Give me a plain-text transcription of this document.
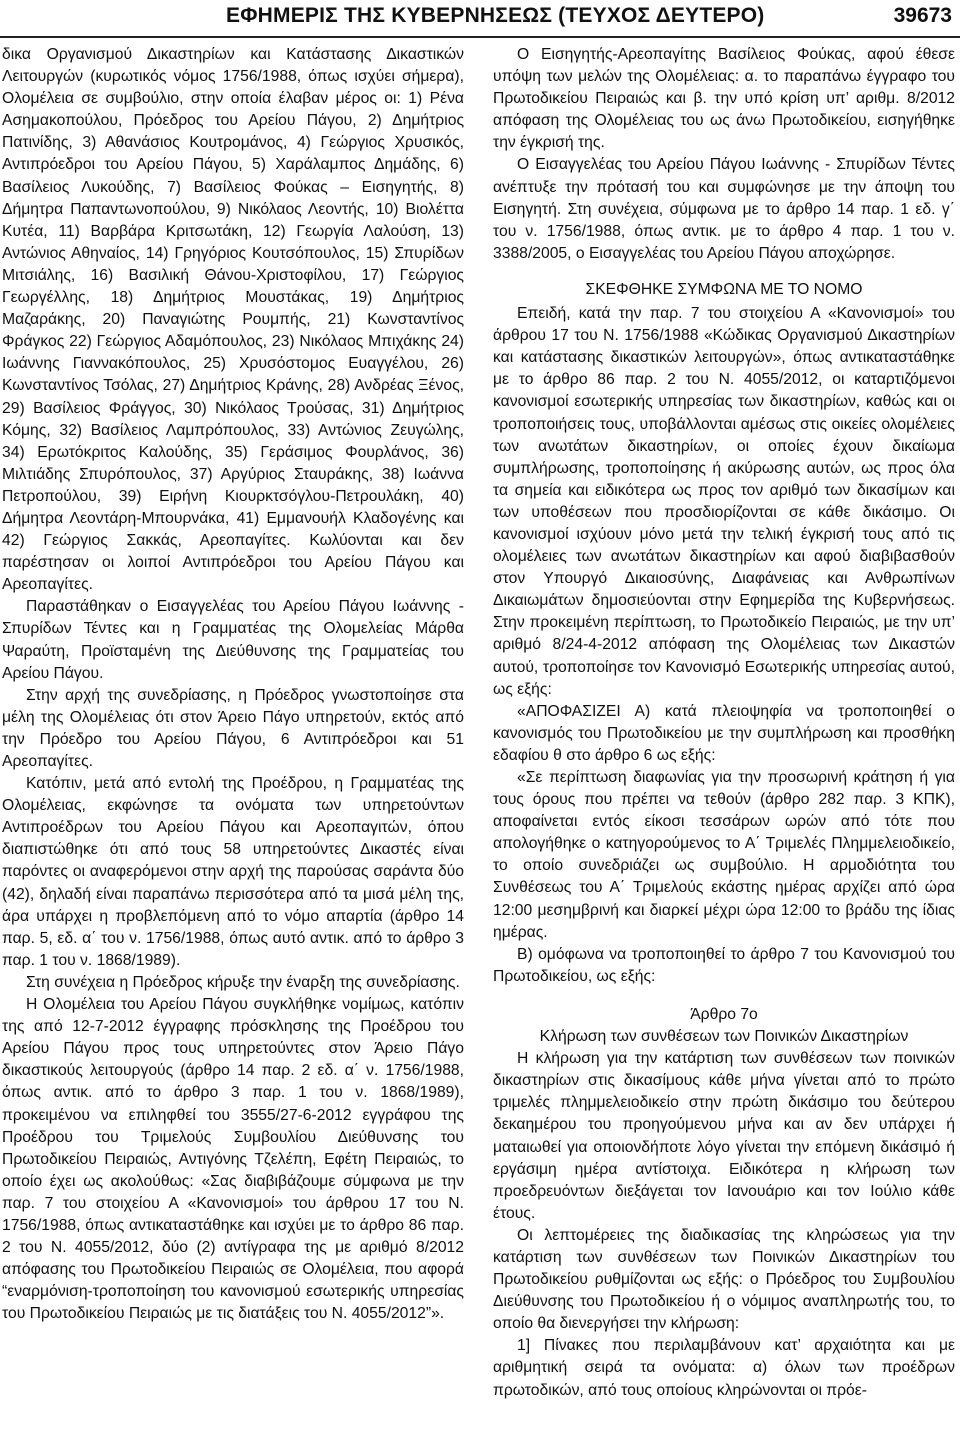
ΕΦΗΜΕΡΙΣ ΤΗΣ ΚΥΒΕΡΝΗΣΕΩΣ (ΤΕΥΧΟΣ ΔΕΥΤΕΡΟ)	39673

δικα Οργανισμού Δικαστηρίων και Κατάστασης Δικαστικών Λειτουργών (κυρωτικός νόμος 1756/1988, όπως ισχύει σήμερα), Ολομέλεια σε συμβούλιο, στην οποία έλαβαν μέρος οι: 1) Ρένα Ασημακοπούλου, Πρόεδρος του Αρείου Πάγου, 2) Δημήτριος Πατινίδης, 3) Αθανάσιος Κουτρομάνος, 4) Γεώργιος Χρυσικός, Αντιπρόεδροι του Αρείου Πάγου, 5) Χαράλαμπος Δημάδης, 6) Βασίλειος Λυκούδης, 7) Βασίλειος Φούκας – Εισηγητής, 8) Δήμητρα Παπαντωνοπούλου, 9) Νικόλαος Λεοντής, 10) Βιολέττα Κυτέα, 11) Βαρβάρα Κριτσωτάκη, 12) Γεωργία Λαλούση, 13) Αντώνιος Αθηναίος, 14) Γρηγόριος Κουτσόπουλος, 15) Σπυρίδων Μιτσιάλης, 16) Βασιλική Θάνου-Χριστοφίλου, 17) Γεώργιος Γεωργέλλης, 18) Δημήτριος Μουστάκας, 19) Δημήτριος Μαζαράκης, 20) Παναγιώτης Ρουμπής, 21) Κωνσταντίνος Φράγκος 22) Γεώργιος Αδαμόπουλος, 23) Νικόλαος Μπιχάκης 24) Ιωάννης Γιαννακόπουλος, 25) Χρυσόστομος Ευαγγέλου, 26) Κωνσταντίνος Τσόλας, 27) Δημήτριος Κράνης, 28) Ανδρέας Ξένος, 29) Βασίλειος Φράγγος, 30) Νικόλαος Τρούσας, 31) Δημήτριος Κόμης, 32) Βασίλειος Λαμπρόπουλος, 33) Αντώνιος Ζευγώλης, 34) Ερωτόκριτος Καλούδης, 35) Γεράσιμος Φουρλάνος, 36) Μιλτιάδης Σπυρόπουλος, 37) Αργύριος Σταυράκης, 38) Ιωάννα Πετροπούλου, 39) Ειρήνη Κιουρκτσόγλου-Πετρουλάκη, 40) Δήμητρα Λεοντάρη-Μπουρνάκα, 41) Εμμανουήλ Κλαδογένης και 42) Γεώργιος Σακκάς, Αρεοπαγίτες. Κωλύονται και δεν παρέστησαν οι λοιποί Αντιπρόεδροι του Αρείου Πάγου και Αρεοπαγίτες.

Παραστάθηκαν ο Εισαγγελέας του Αρείου Πάγου Ιωάννης - Σπυρίδων Τέντες και η Γραμματέας της Ολομελείας Μάρθα Ψαραύτη, Προϊσταμένη της Διεύθυνσης της Γραμματείας του Αρείου Πάγου.

Στην αρχή της συνεδρίασης, η Πρόεδρος γνωστοποίησε στα μέλη της Ολομέλειας ότι στον Άρειο Πάγο υπηρετούν, εκτός από την Πρόεδρο του Αρείου Πάγου, 6 Αντιπρόεδροι και 51 Αρεοπαγίτες.

Κατόπιν, μετά από εντολή της Προέδρου, η Γραμματέας της Ολομέλειας, εκφώνησε τα ονόματα των υπηρετούντων Αντιπροέδρων του Αρείου Πάγου και Αρεοπαγιτών, όπου διαπιστώθηκε ότι από τους 58 υπηρετούντες Δικαστές είναι παρόντες οι αναφερόμενοι στην αρχή της παρούσας σαράντα δύο (42), δηλαδή είναι παραπάνω περισσότερα από τα μισά μέλη της, άρα υπάρχει η προβλεπόμενη από το νόμο απαρτία (άρθρο 14 παρ. 5, εδ. α΄ του ν. 1756/1988, όπως αυτό αντικ. από το άρθρο 3 παρ. 1 του ν. 1868/1989).

Στη συνέχεια η Πρόεδρος κήρυξε την έναρξη της συνεδρίασης.

Η Ολομέλεια του Αρείου Πάγου συγκλήθηκε νομίμως, κατόπιν της από 12-7-2012 έγγραφης πρόσκλησης της Προέδρου του Αρείου Πάγου προς τους υπηρετούντες στον Άρειο Πάγο δικαστικούς λειτουργούς (άρθρο 14 παρ. 2 εδ. α΄ ν. 1756/1988, όπως αντικ. από το άρθρο 3 παρ. 1 του ν. 1868/1989), προκειμένου να επιληφθεί του 3555/27-6-2012 εγγράφου της Προέδρου του Τριμελούς Συμβουλίου Διεύθυνσης του Πρωτοδικείου Πειραιώς, Αντιγόνης Τζελέπη, Εφέτη Πειραιώς, το οποίο έχει ως ακολούθως: «Σας διαβιβάζουμε σύμφωνα με την παρ. 7 του στοιχείου Α «Κανονισμοί» του άρθρου 17 του Ν. 1756/1988, όπως αντικαταστάθηκε και ισχύει με το άρθρο 86 παρ. 2 του Ν. 4055/2012, δύο (2) αντίγραφα της με αριθμό 8/2012 απόφασης του Πρωτοδικείου Πειραιώς σε Ολομέλεια, που αφορά “εναρμόνιση-τροποποίηση του κανονισμού εσωτερικής υπηρεσίας του Πρωτοδικείου Πειραιώς με τις διατάξεις του Ν. 4055/2012”».

Ο Εισηγητής-Αρεοπαγίτης Βασίλειος Φούκας, αφού έθεσε υπόψη των μελών της Ολομέλειας: α. το παραπάνω έγγραφο του Πρωτοδικείου Πειραιώς και β. την υπό κρίση υπ’ αριθμ. 8/2012 απόφαση της Ολομέλειας του ως άνω Πρωτοδικείου, εισηγήθηκε την έγκρισή της.

Ο Εισαγγελέας του Αρείου Πάγου Ιωάννης - Σπυρίδων Τέντες ανέπτυξε την πρότασή του και συμφώνησε με την άποψη του Εισηγητή. Στη συνέχεια, σύμφωνα με το άρθρο 14 παρ. 1 εδ. γ΄ του ν. 1756/1988, όπως αντικ. με το άρθρο 4 παρ. 1 του ν. 3388/2005, ο Εισαγγελέας του Αρείου Πάγου αποχώρησε.

ΣΚΕΦΘΗΚΕ ΣΥΜΦΩΝΑ ΜΕ ΤΟ ΝΟΜΟ

Επειδή, κατά την παρ. 7 του στοιχείου Α «Κανονισμοί» του άρθρου 17 του Ν. 1756/1988 «Κώδικας Οργανισμού Δικαστηρίων και κατάστασης δικαστικών λειτουργών», όπως αντικαταστάθηκε με το άρθρο 86 παρ. 2 του Ν. 4055/2012, οι καταρτιζόμενοι κανονισμοί εσωτερικής υπηρεσίας των δικαστηρίων, καθώς και οι τροποποιήσεις τους, υποβάλλονται αμέσως στις οικείες ολομέλειες των ανωτάτων δικαστηρίων, οι οποίες έχουν δικαίωμα συμπλήρωσης, τροποποίησης ή ακύρωσης αυτών, ως προς όλα τα σημεία και ειδικότερα ως προς τον αριθμό των δικασίμων και των υποθέσεων που προσδιορίζονται σε κάθε δικάσιμο. Οι κανονισμοί ισχύουν μόνο μετά την τελική έγκρισή τους από τις ολομέλειες των ανωτάτων δικαστηρίων και αφού διαβιβασθούν στον Υπουργό Δικαιοσύνης, Διαφάνειας και Ανθρωπίνων Δικαιωμάτων δημοσιεύονται στην Εφημερίδα της Κυβερνήσεως. Στην προκειμένη περίπτωση, το Πρωτοδικείο Πειραιώς, με την υπ’ αριθμό 8/24-4-2012 απόφαση της Ολομέλειας των Δικαστών αυτού, τροποποίησε τον Κανονισμό Εσωτερικής υπηρεσίας αυτού, ως εξής:

«ΑΠΟΦΑΣΙΖΕΙ Α) κατά πλειοψηφία να τροποποιηθεί ο κανονισμός του Πρωτοδικείου με την συμπλήρωση και προσθήκη εδαφίου θ στο άρθρο 6 ως εξής:

«Σε περίπτωση διαφωνίας για την προσωρινή κράτηση ή για τους όρους που πρέπει να τεθούν (άρθρο 282 παρ. 3 ΚΠΚ), αποφαίνεται εντός είκοσι τεσσάρων ωρών από τότε που απολογήθηκε ο κατηγορούμενος το Α΄ Τριμελές Πλημμελειοδικείο, το οποίο συνεδριάζει ως συμβούλιο. Η αρμοδιότητα του Συνθέσεως του Α΄ Τριμελούς εκάστης ημέρας αρχίζει από ώρα 12:00 μεσημβρινή και διαρκεί μέχρι ώρα 12:00 το βράδυ της ίδιας ημέρας.

Β) ομόφωνα να τροποποιηθεί το άρθρο 7 του Κανονισμού του Πρωτοδικείου, ως εξής:

Άρθρο 7ο

Κλήρωση των συνθέσεων των Ποινικών Δικαστηρίων

Η κλήρωση για την κατάρτιση των συνθέσεων των ποινικών δικαστηρίων στις δικασίμους κάθε μήνα γίνεται από το πρώτο τριμελές πλημμελειοδικείο στην πρώτη δικάσιμο του δεύτερου δεκαημέρου του προηγούμενου μήνα και αν δεν υπάρχει ή ματαιωθεί για οποιονδήποτε λόγο γίνεται την επόμενη δικάσιμό ή εργάσιμη ημέρα αντίστοιχα. Ειδικότερα η κλήρωση των προεδρευόντων διεξάγεται τον Ιανουάριο και τον Ιούλιο κάθε έτους.

Οι λεπτομέρειες της διαδικασίας της κληρώσεως για την κατάρτιση των συνθέσεων των Ποινικών Δικαστηρίων του Πρωτοδικείου ρυθμίζονται ως εξής: ο Πρόεδρος του Συμβουλίου Διεύθυνσης του Πρωτοδικείου ή ο νόμιμος αναπληρωτής του, το οποίο θα διενεργήσει την κλήρωση:

1] Πίνακες που περιλαμβάνουν κατ’ αρχαιότητα και με αριθμητική σειρά τα ονόματα: α) όλων των προέδρων πρωτοδικών, από τους οποίους κληρώνονται οι πρόε-
